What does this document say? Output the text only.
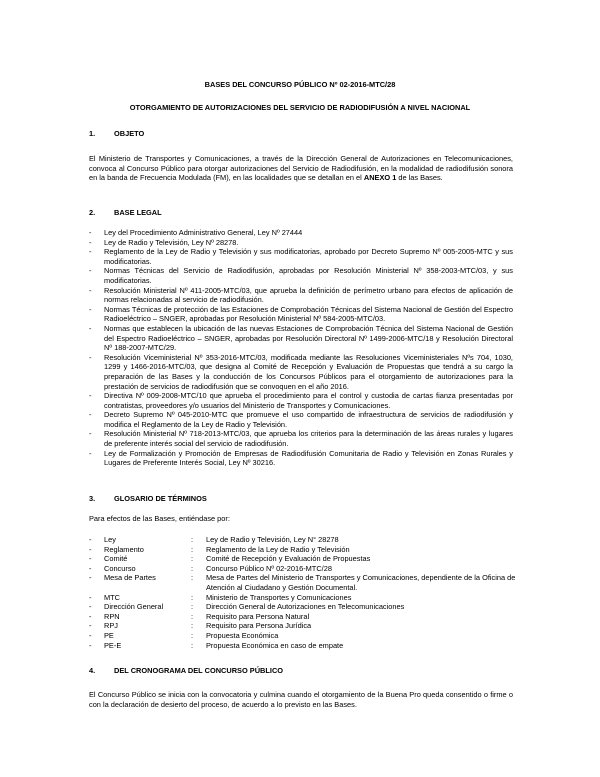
BASES DEL CONCURSO PÚBLICO Nº 02-2016-MTC/28
OTORGAMIENTO DE AUTORIZACIONES DEL SERVICIO DE RADIODIFUSIÓN A NIVEL NACIONAL
1.	OBJETO
El Ministerio de Transportes y Comunicaciones, a través de la Dirección General de Autorizaciones en Telecomunicaciones, convoca al Concurso Público para otorgar autorizaciones del Servicio de Radiodifusión, en la modalidad de radiodifusión sonora en la banda de Frecuencia Modulada (FM), en las localidades que se detallan en el ANEXO 1 de las Bases.
2.	BASE LEGAL
- Ley del Procedimiento Administrativo General, Ley Nº 27444
- Ley de Radio y Televisión, Ley Nº 28278.
- Reglamento de la Ley de Radio y Televisión y sus modificatorias, aprobado por Decreto Supremo Nº 005-2005-MTC y sus modificatorias.
- Normas Técnicas del Servicio de Radiodifusión, aprobadas por Resolución Ministerial Nº 358-2003-MTC/03, y sus modificatorias.
- Resolución Ministerial Nº 411-2005-MTC/03, que aprueba la definición de perímetro urbano para efectos de aplicación de normas relacionadas al servicio de radiodifusión.
- Normas Técnicas de protección de las Estaciones de Comprobación Técnicas del Sistema Nacional de Gestión del Espectro Radioeléctrico – SNGER, aprobadas por Resolución Ministerial Nº 584-2005-MTC/03.
- Normas que establecen la ubicación de las nuevas Estaciones de Comprobación Técnica del Sistema Nacional de Gestión del Espectro Radioeléctrico – SNGER, aprobadas por Resolución Directoral Nº 1499-2006-MTC/18 y Resolución Directoral Nº 188-2007-MTC/29.
- Resolución Viceministerial Nº 353-2016-MTC/03, modificada mediante las Resoluciones Viceministeriales Nºs 704, 1030, 1299 y 1466-2016-MTC/03, que designa al Comité de Recepción y Evaluación de Propuestas que tendrá a su cargo la preparación de las Bases y la conducción de los Concursos Públicos para el otorgamiento de autorizaciones para la prestación de servicios de radiodifusión que se convoquen en el año 2016.
- Directiva Nº 009-2008-MTC/10 que aprueba el procedimiento para el control y custodia de cartas fianza presentadas por contratistas, proveedores y/o usuarios del Ministerio de Transportes y Comunicaciones.
- Decreto Supremo Nº 045-2010-MTC que promueve el uso compartido de infraestructura de servicios de radiodifusión y modifica el Reglamento de la Ley de Radio y Televisión.
- Resolución Ministerial Nº 718-2013-MTC/03, que aprueba los criterios para la determinación de las áreas rurales y lugares de preferente interés social del servicio de radiodifusión.
- Ley de Formalización y Promoción de Empresas de Radiodifusión Comunitaria de Radio y Televisión en Zonas Rurales y Lugares de Preferente Interés Social, Ley Nº 30216.
3.	GLOSARIO DE TÉRMINOS
Para efectos de las Bases, entiéndase por:
- Ley	: Ley de Radio y Televisión, Ley N° 28278
- Reglamento	: Reglamento de la Ley de Radio y Televisión
- Comité	: Comité de Recepción y Evaluación de Propuestas
- Concurso	: Concurso Público Nº 02-2016-MTC/28
- Mesa de Partes	: Mesa de Partes del Ministerio de Transportes y Comunicaciones, dependiente de la Oficina de Atención al Ciudadano y Gestión Documental.
- MTC	: Ministerio de Transportes y Comunicaciones
- Dirección General	: Dirección General de Autorizaciones en Telecomunicaciones
- RPN	: Requisito para Persona Natural
- RPJ	: Requisito para Persona Jurídica
- PE	: Propuesta Económica
- PE-E	: Propuesta Económica en caso de empate
4.	DEL CRONOGRAMA DEL CONCURSO PÚBLICO
El Concurso Público se inicia con la convocatoria y culmina cuando el otorgamiento de la Buena Pro queda consentido o firme o con la declaración de desierto del proceso, de acuerdo a lo previsto en las Bases.
